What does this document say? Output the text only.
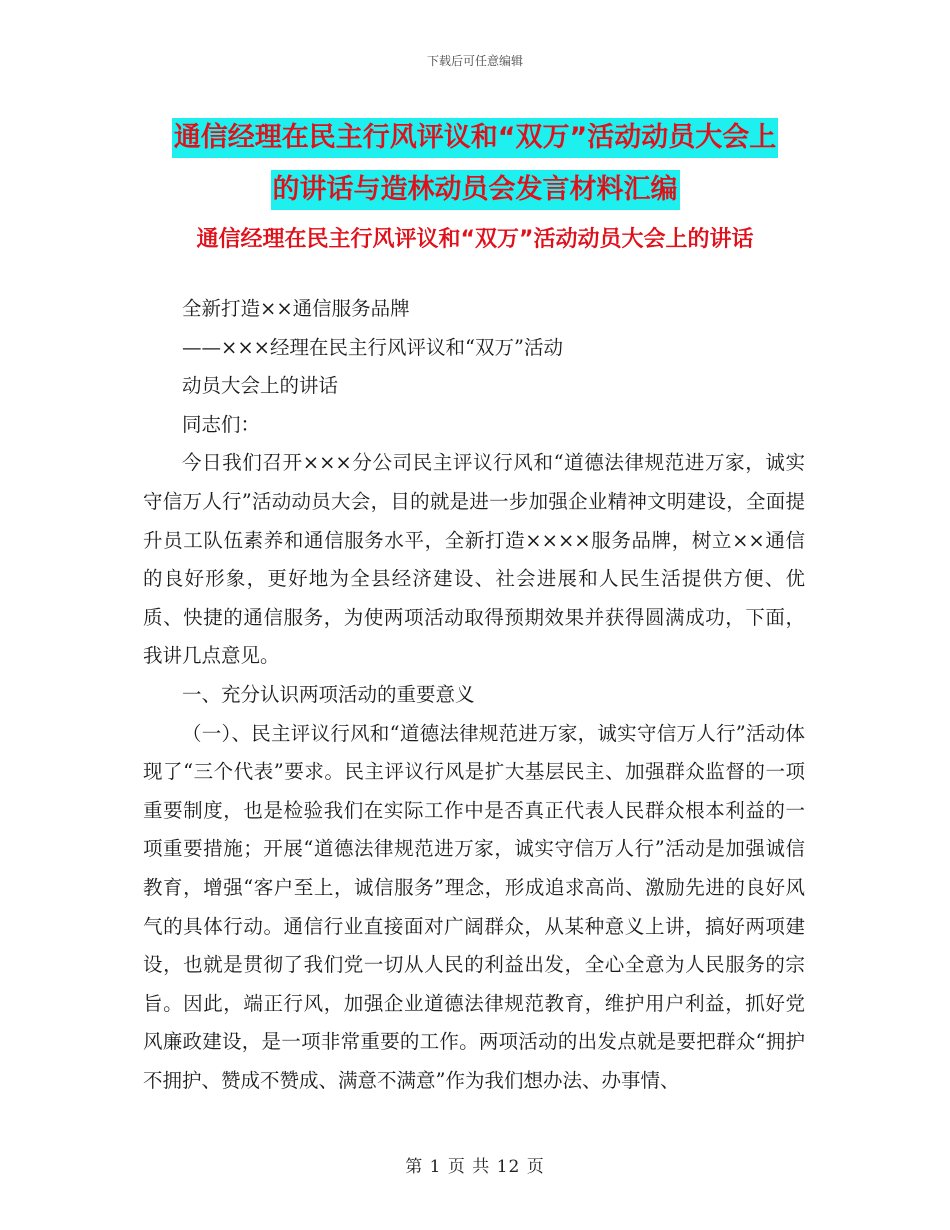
下载后可任意编辑
通信经理在民主行风评议和“双万”活动动员大会上
的讲话与造林动员会发言材料汇编
通信经理在民主行风评议和“双万”活动动员大会上的讲话

全新打造××通信服务品牌

——×××经理在民主行风评议和“双万”活动

动员大会上的讲话

同志们：

今日我们召开×××分公司民主评议行风和“道德法律规范进万家，诚实守信万人行”活动动员大会，目的就是进一步加强企业精神文明建设，全面提升员工队伍素养和通信服务水平，全新打造××××服务品牌，树立××通信的良好形象，更好地为全县经济建设、社会进展和人民生活提供方便、优质、快捷的通信服务，为使两项活动取得预期效果并获得圆满成功，下面，我讲几点意见。

一、充分认识两项活动的重要意义

（一）、民主评议行风和“道德法律规范进万家，诚实守信万人行”活动体现了“三个代表”要求。民主评议行风是扩大基层民主、加强群众监督的一项重要制度，也是检验我们在实际工作中是否真正代表人民群众根本利益的一项重要措施；开展“道德法律规范进万家，诚实守信万人行”活动是加强诚信教育，增强“客户至上，诚信服务”理念，形成追求高尚、激励先进的良好风气的具体行动。通信行业直接面对广阔群众，从某种意义上讲，搞好两项建设，也就是贯彻了我们党一切从人民的利益出发，全心全意为人民服务的宗旨。因此，端正行风，加强企业道德法律规范教育，维护用户利益，抓好党风廉政建设，是一项非常重要的工作。两项活动的出发点就是要把群众“拥护不拥护、赞成不赞成、满意不满意”作为我们想办法、办事情、

第 1 页 共 12 页
